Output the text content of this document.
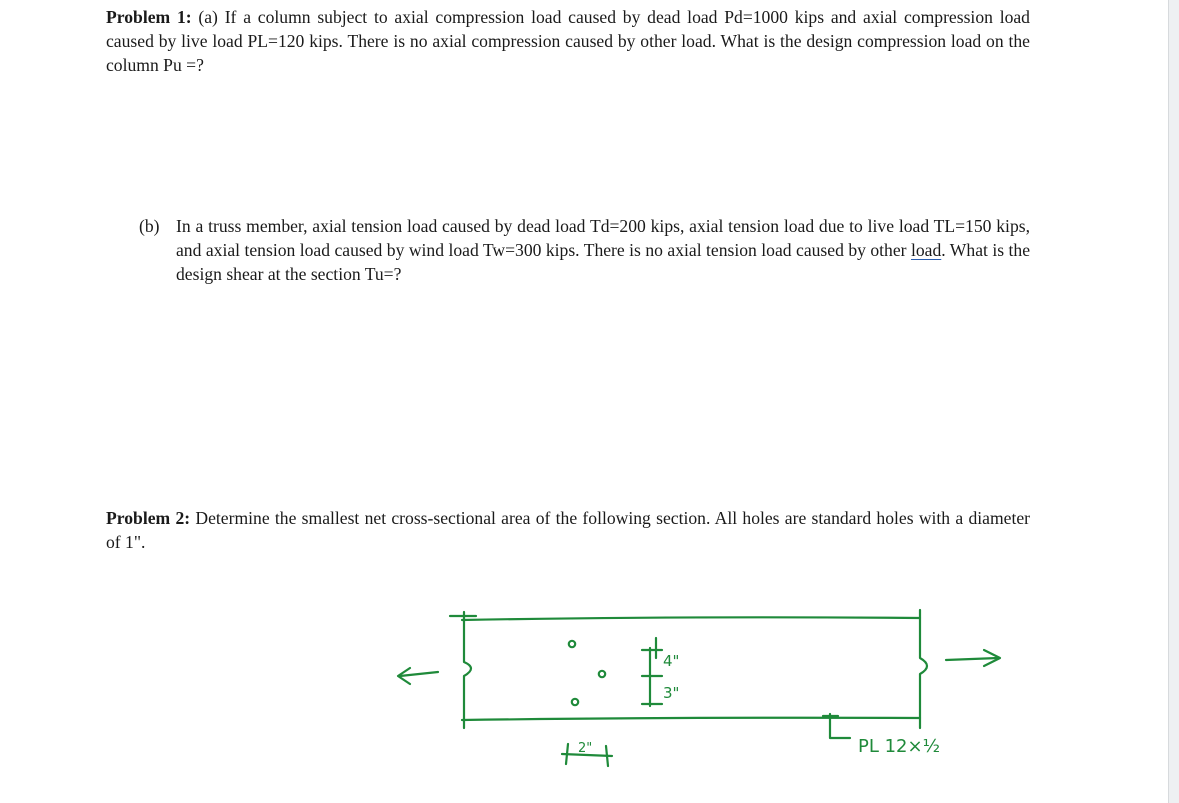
Problem 1: (a) If a column subject to axial compression load caused by dead load Pd=1000 kips and axial compression load caused by live load PL=120 kips. There is no axial compression caused by other load. What is the design compression load on the column Pu =?

(b) In a truss member, axial tension load caused by dead load Td=200 kips, axial tension load due to live load TL=150 kips, and axial tension load caused by wind load Tw=300 kips. There is no axial tension load caused by other load. What is the design shear at the section Tu=?

Problem 2: Determine the smallest net cross-sectional area of the following section. All holes are standard holes with a diameter of 1".

4"
3"
2"	PL 12×½
